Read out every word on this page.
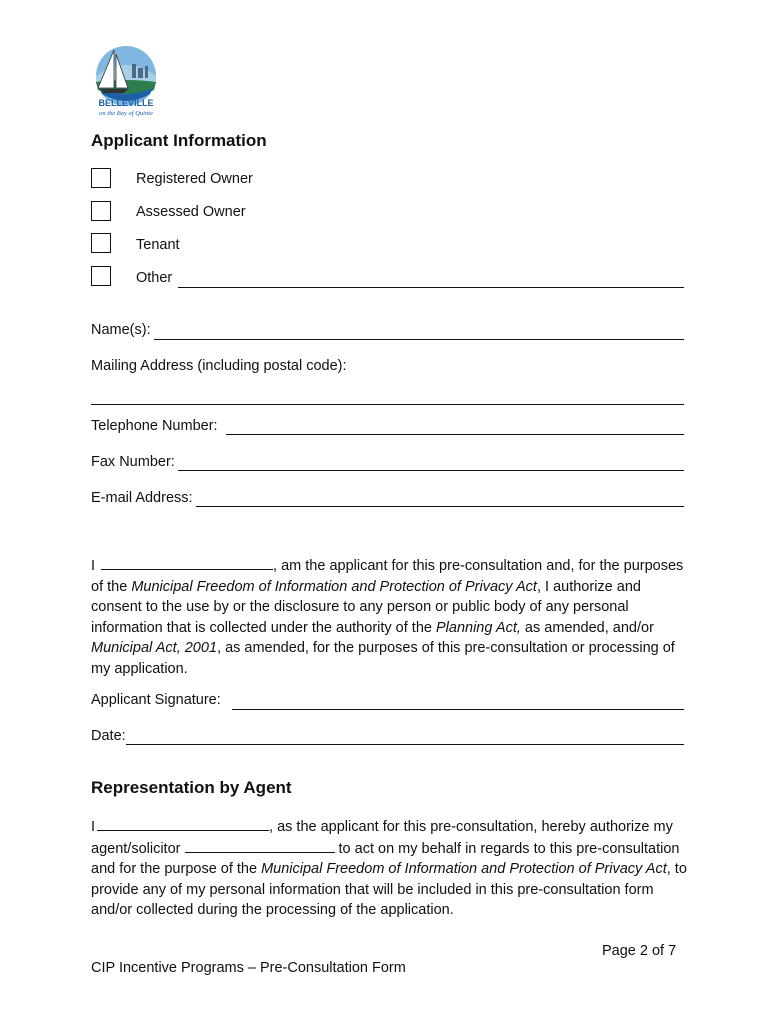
BELLEVILLE
on the Bay of Quinte
Applicant Information
Registered Owner
Assessed Owner
Tenant
Other
Name(s):
Mailing Address (including postal code):
Telephone Number:
Fax Number:
E-mail Address:
I	, am the applicant for this pre-consultation and, for the purposes of the Municipal Freedom of Information and Protection of Privacy Act, I authorize and consent to the use by or the disclosure to any person or public body of any personal information that is collected under the authority of the Planning Act, as amended, and/or Municipal Act, 2001, as amended, for the purposes of this pre-consultation or processing of my application.
Applicant Signature:
Date:
Representation by Agent
I	, as the applicant for this pre-consultation, hereby authorize my agent/solicitor	to act on my behalf in regards to this pre-consultation and for the purpose of the Municipal Freedom of Information and Protection of Privacy Act, to provide any of my personal information that will be included in this pre-consultation form and/or collected during the processing of the application.
Page 2 of 7
CIP Incentive Programs – Pre-Consultation Form
